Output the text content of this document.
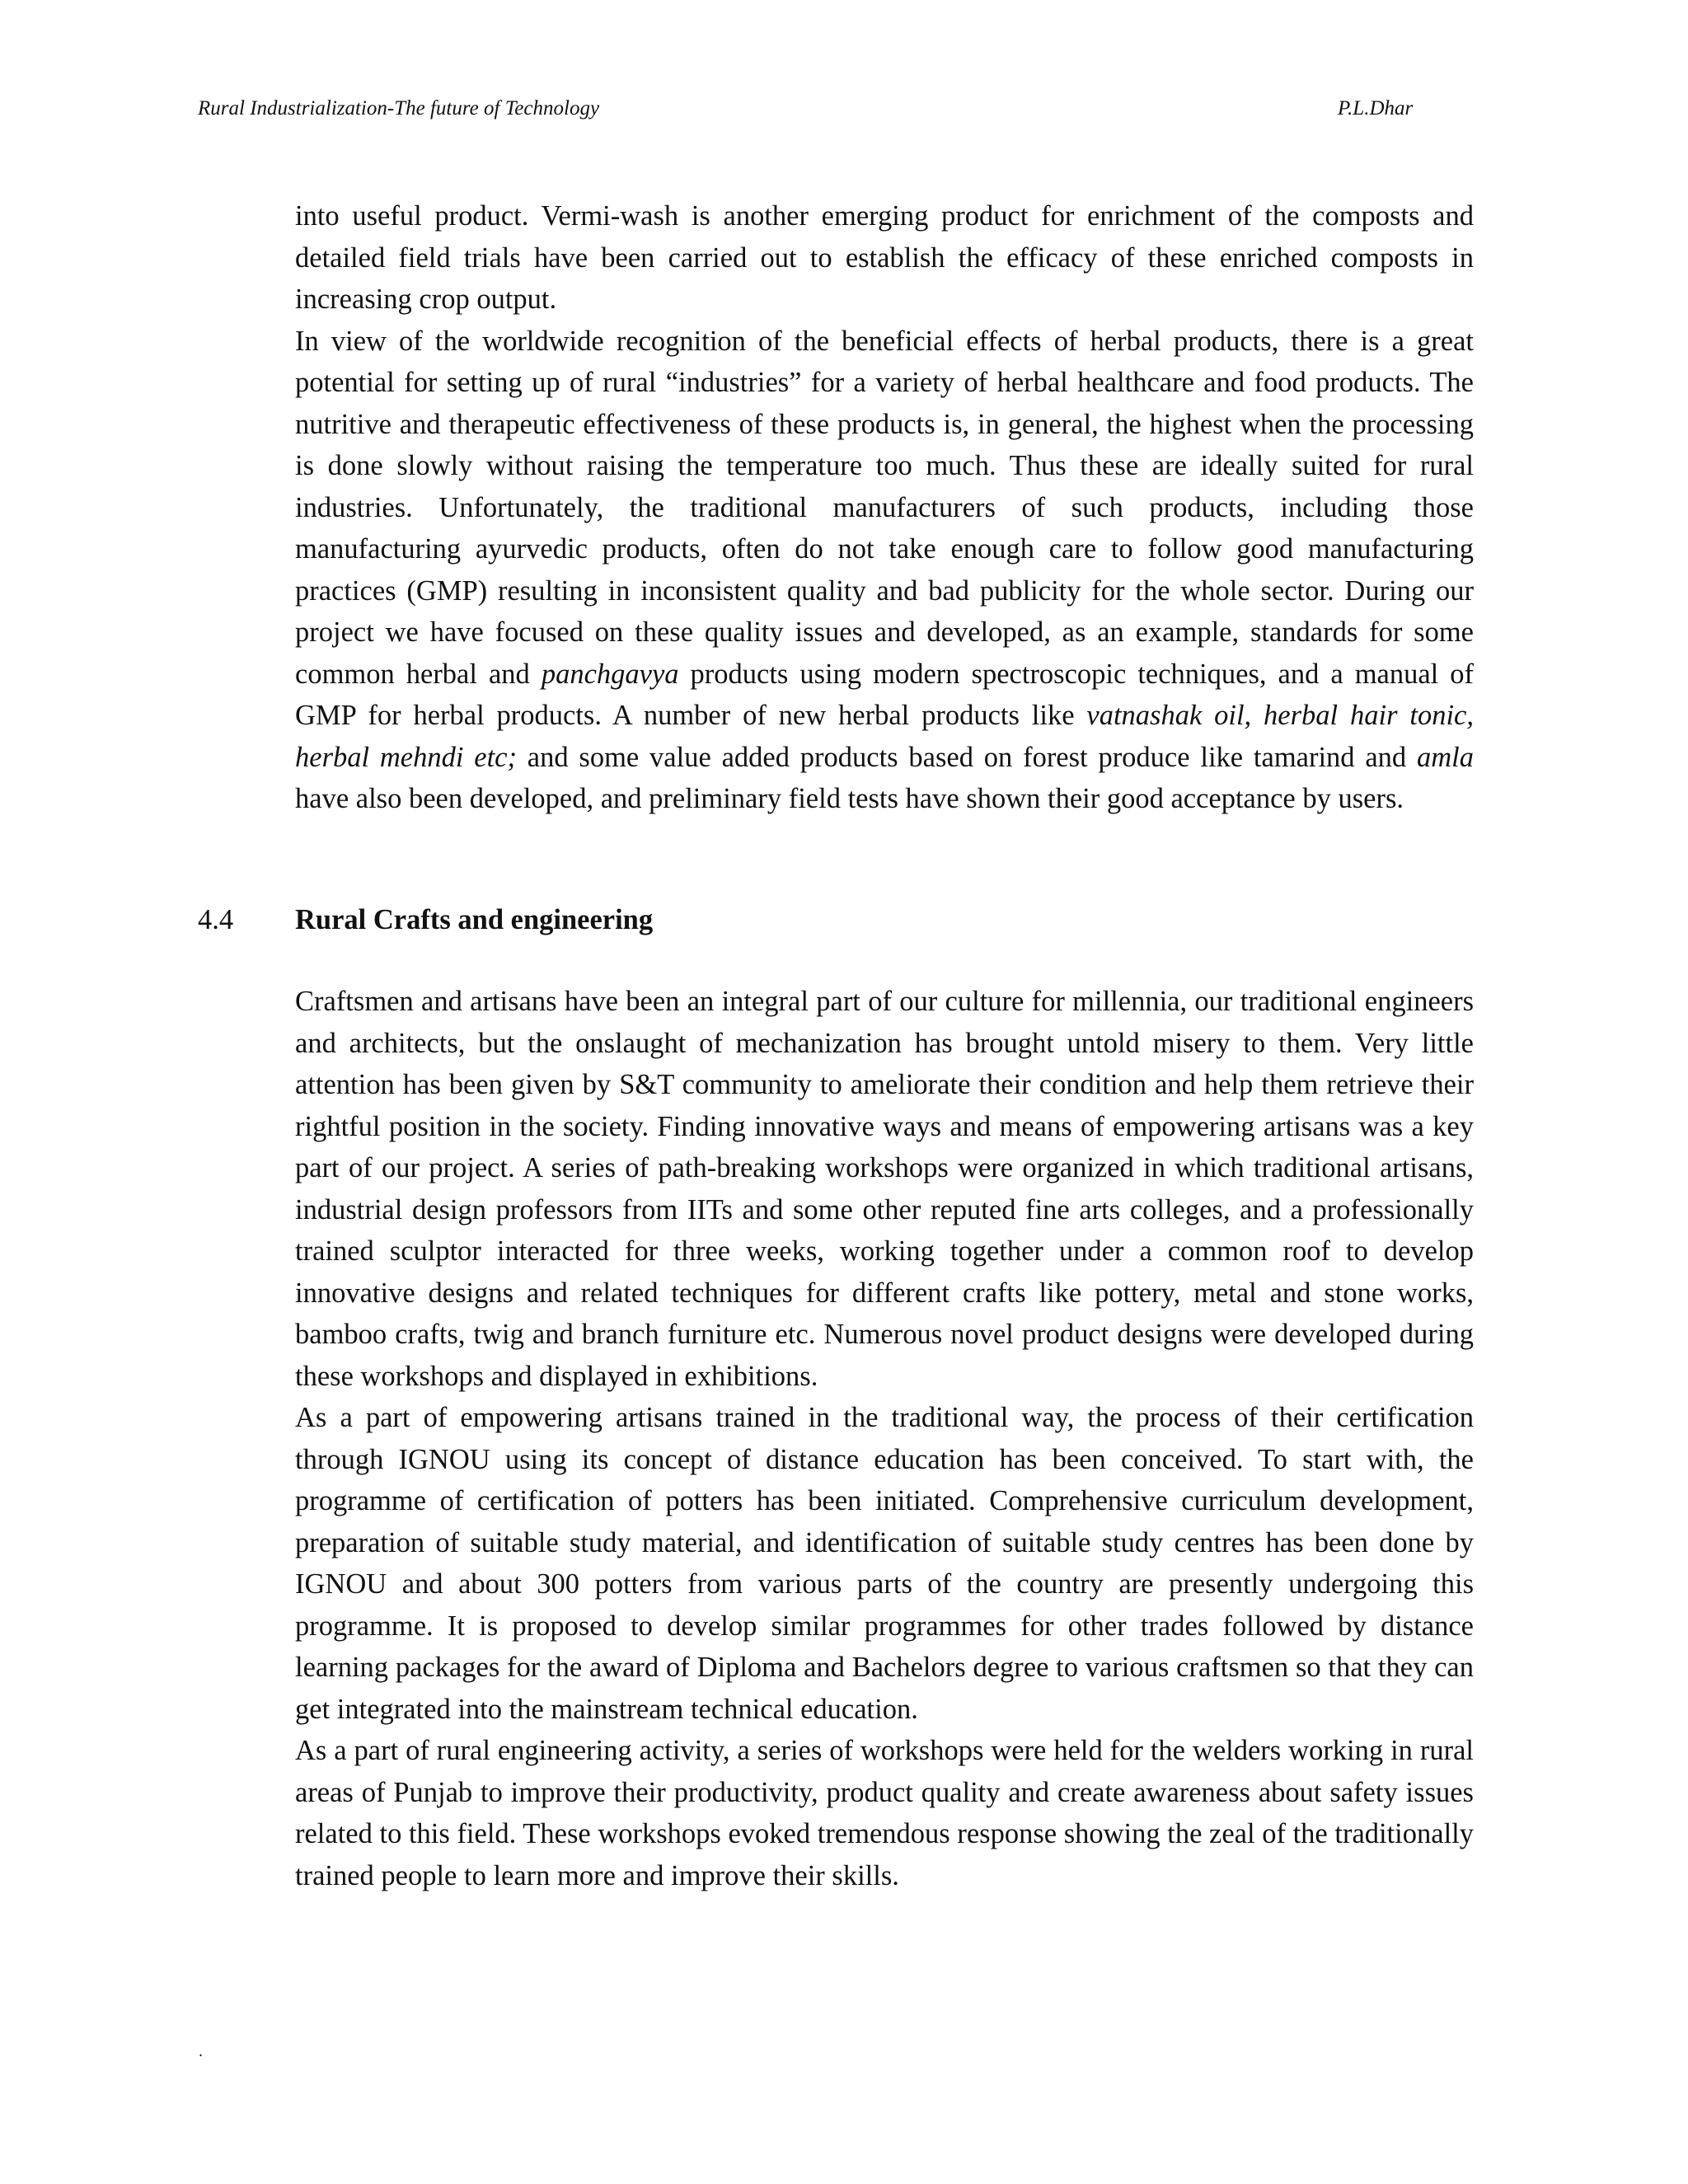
Rural Industrialization-The future of Technology	P.L.Dhar

into useful product. Vermi-wash is another emerging product for enrichment of the composts and detailed field trials have been carried out to establish the efficacy of these enriched composts in increasing crop output.

In view of the worldwide recognition of the beneficial effects of herbal products, there is a great potential for setting up of rural “industries” for a variety of herbal healthcare and food products. The nutritive and therapeutic effectiveness of these products is, in general, the highest when the processing is done slowly without raising the temperature too much. Thus these are ideally suited for rural industries. Unfortunately, the traditional manufacturers of such products, including those manufacturing ayurvedic products, often do not take enough care to follow good manufacturing practices (GMP) resulting in inconsistent quality and bad publicity for the whole sector. During our project we have focused on these quality issues and developed, as an example, standards for some common herbal and panchgavya products using modern spectroscopic techniques, and a manual of GMP for herbal products. A number of new herbal products like vatnashak oil, herbal hair tonic, herbal mehndi etc; and some value added products based on forest produce like tamarind and amla have also been developed, and preliminary field tests have shown their good acceptance by users.

4.4 Rural Crafts and engineering

Craftsmen and artisans have been an integral part of our culture for millennia, our traditional engineers and architects, but the onslaught of mechanization has brought untold misery to them. Very little attention has been given by S&T community to ameliorate their condition and help them retrieve their rightful position in the society. Finding innovative ways and means of empowering artisans was a key part of our project. A series of path-breaking workshops were organized in which traditional artisans, industrial design professors from IITs and some other reputed fine arts colleges, and a professionally trained sculptor interacted for three weeks, working together under a common roof to develop innovative designs and related techniques for different crafts like pottery, metal and stone works, bamboo crafts, twig and branch furniture etc. Numerous novel product designs were developed during these workshops and displayed in exhibitions.

As a part of empowering artisans trained in the traditional way, the process of their certification through IGNOU using its concept of distance education has been conceived. To start with, the programme of certification of potters has been initiated. Comprehensive curriculum development, preparation of suitable study material, and identification of suitable study centres has been done by IGNOU and about 300 potters from various parts of the country are presently undergoing this programme. It is proposed to develop similar programmes for other trades followed by distance learning packages for the award of Diploma and Bachelors degree to various craftsmen so that they can get integrated into the mainstream technical education.

As a part of rural engineering activity, a series of workshops were held for the welders working in rural areas of Punjab to improve their productivity, product quality and create awareness about safety issues related to this field. These workshops evoked tremendous response showing the zeal of the traditionally trained people to learn more and improve their skills.

.
